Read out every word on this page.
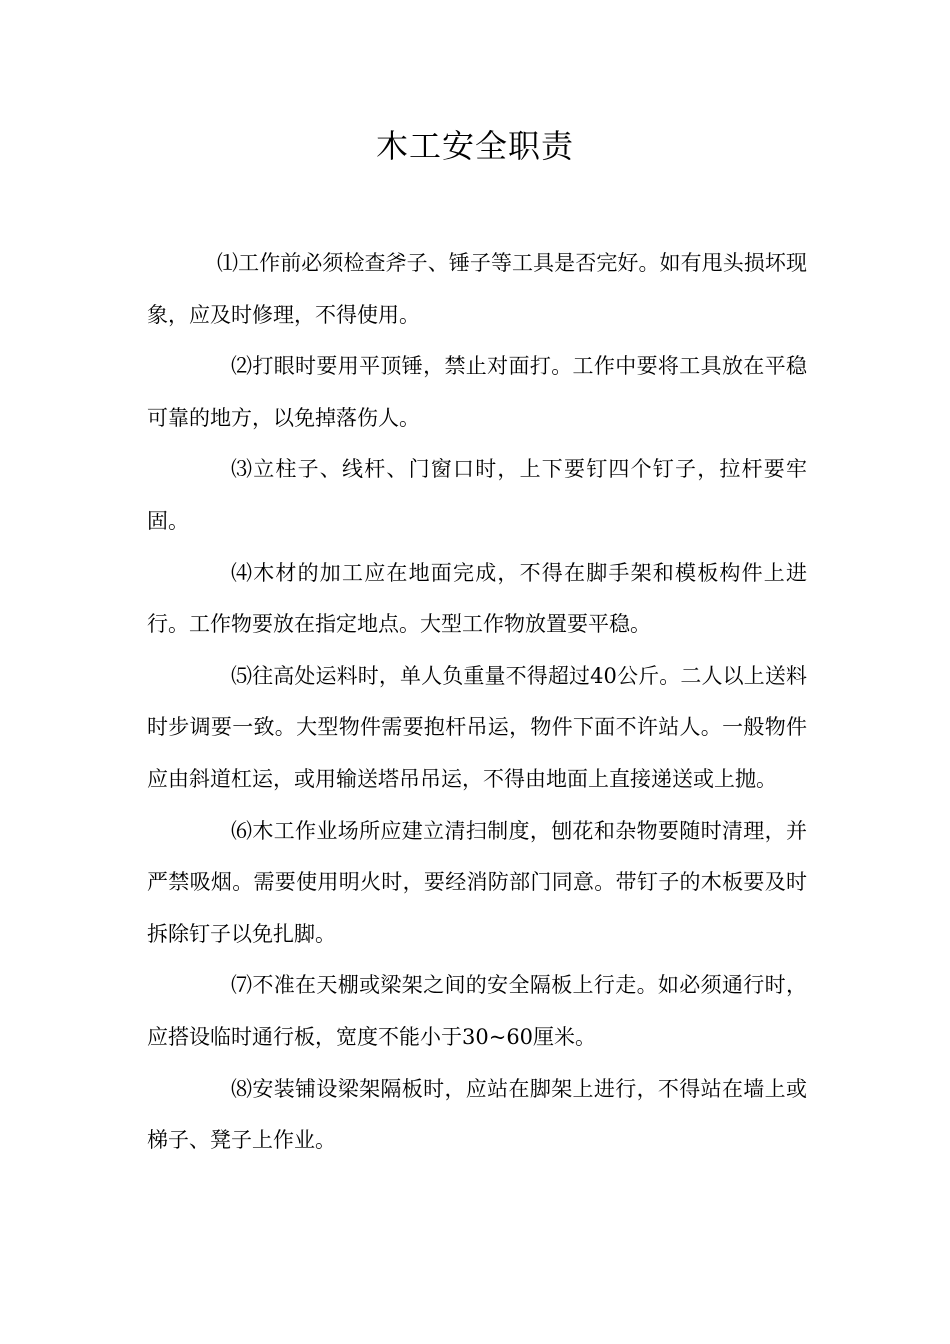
木工安全职责

⑴工作前必须检查斧子、锤子等工具是否完好。如有甩头损坏现象，应及时修理，不得使用。

⑵打眼时要用平顶锤，禁止对面打。工作中要将工具放在平稳可靠的地方，以免掉落伤人。

⑶立柱子、线杆、门窗口时，上下要钉四个钉子，拉杆要牢固。

⑷木材的加工应在地面完成，不得在脚手架和模板构件上进行。工作物要放在指定地点。大型工作物放置要平稳。

⑸往高处运料时，单人负重量不得超过40公斤。二人以上送料时步调要一致。大型物件需要抱杆吊运，物件下面不许站人。一般物件应由斜道杠运，或用输送塔吊吊运，不得由地面上直接递送或上抛。

⑹木工作业场所应建立清扫制度，刨花和杂物要随时清理，并严禁吸烟。需要使用明火时，要经消防部门同意。带钉子的木板要及时拆除钉子以免扎脚。

⑺不准在天棚或梁架之间的安全隔板上行走。如必须通行时，应搭设临时通行板，宽度不能小于30~60厘米。

⑻安装铺设梁架隔板时，应站在脚架上进行，不得站在墙上或梯子、凳子上作业。
